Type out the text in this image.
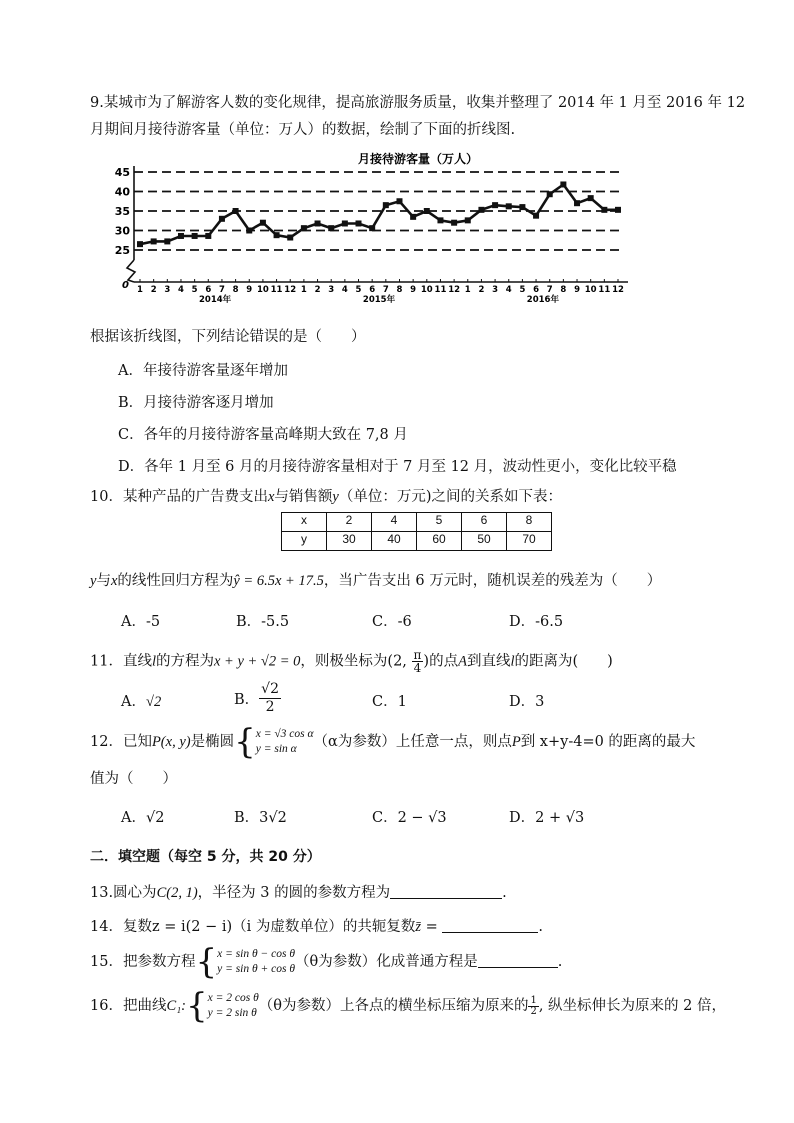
9.某城市为了解游客人数的变化规律，提高旅游服务质量，收集并整理了 2014 年 1 月至 2016 年 12
月期间月接待游客量（单位：万人）的数据，绘制了下面的折线图.
月接待游客量（万人）
45
40
35
30
25
0 1 2 3 4 5 6 7 8 9 10 11 12 1 2 3 4 5 6 7 8 9 10 11 12 1 2 3 4 5 6 7 8 9 10 11 12
2014年	2015年	2016年
根据该折线图，下列结论错误的是（　　）
A．年接待游客量逐年增加
B．月接待游客逐月增加
C．各年的月接待游客量高峰期大致在 7,8 月
D．各年 1 月至 6 月的月接待游客量相对于 7 月至 12 月，波动性更小，变化比较平稳
10．某种产品的广告费支出x与销售额y（单位：万元)之间的关系如下表：
x	2	4	5	6	8
y	30	40	60	50	70
y与x的线性回归方程为ŷ = 6.5x + 17.5，当广告支出 6 万元时，随机误差的残差为（　　）
A．-5	B．-5.5	C．-6	D．-6.5
11．直线l的方程为x + y + √2 = 0，则极坐标为(2, $\frac{\pi}{4}$ )的点A到直线l的距离为(　　)
A．√2	B． $\frac{√2}{2}$	C．1	D．3
12．已知P(x, y)是椭圆{ x = √3 cos α
y = sin α	（α为参数）上任意一点，则点P到 x+y-4=0 的距离的最大
值为（　　）
A．√2	B．3√2	C．2 − √3	D．2 + √3
二．填空题（每空 5 分，共 20 分）
13.圆心为C(2, 1)，半径为 3 的圆的参数方程为	.
14．复数z = i(2 − i)（i 为虚数单位）的共轭复数z̄ =	.
15．把参数方程{ x = sin θ − cos θ
y = sin θ + cos θ （θ为参数）化成普通方程是	.
16．把曲线C₁:{ x = 2 cos θ
y = 2 sin θ （θ为参数）上各点的横坐标压缩为原来的 $\frac{1}{2}$ , 纵坐标伸长为原来的 2 倍，
